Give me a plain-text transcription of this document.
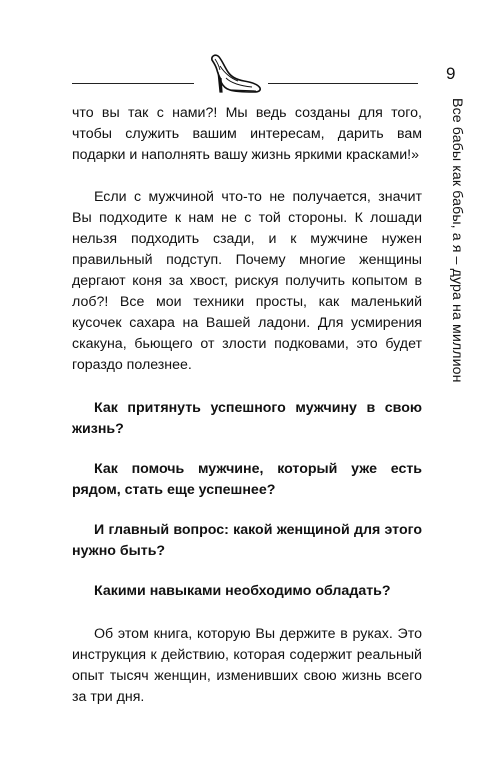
9
Все бабы как бабы, а я – дура на миллион

что вы так с нами?! Мы ведь созданы для того, чтобы служить вашим интересам, дарить вам подарки и наполнять вашу жизнь яркими красками!»

Если с мужчиной что-то не получается, значит Вы подходите к нам не с той стороны. К лошади нельзя подходить сзади, и к мужчине нужен правильный подступ. Почему многие женщины дергают коня за хвост, рискуя получить копытом в лоб?! Все мои техники просты, как маленький кусочек сахара на Вашей ладони. Для усмирения скакуна, бьющего от злости подковами, это будет гораздо полезнее.

Как притянуть успешного мужчину в свою жизнь?

Как помочь мужчине, который уже есть рядом, стать еще успешнее?

И главный вопрос: какой женщиной для этого нужно быть?

Какими навыками необходимо обладать?

Об этом книга, которую Вы держите в руках. Это инструкция к действию, которая содержит реальный опыт тысяч женщин, изменивших свою жизнь всего за три дня.
